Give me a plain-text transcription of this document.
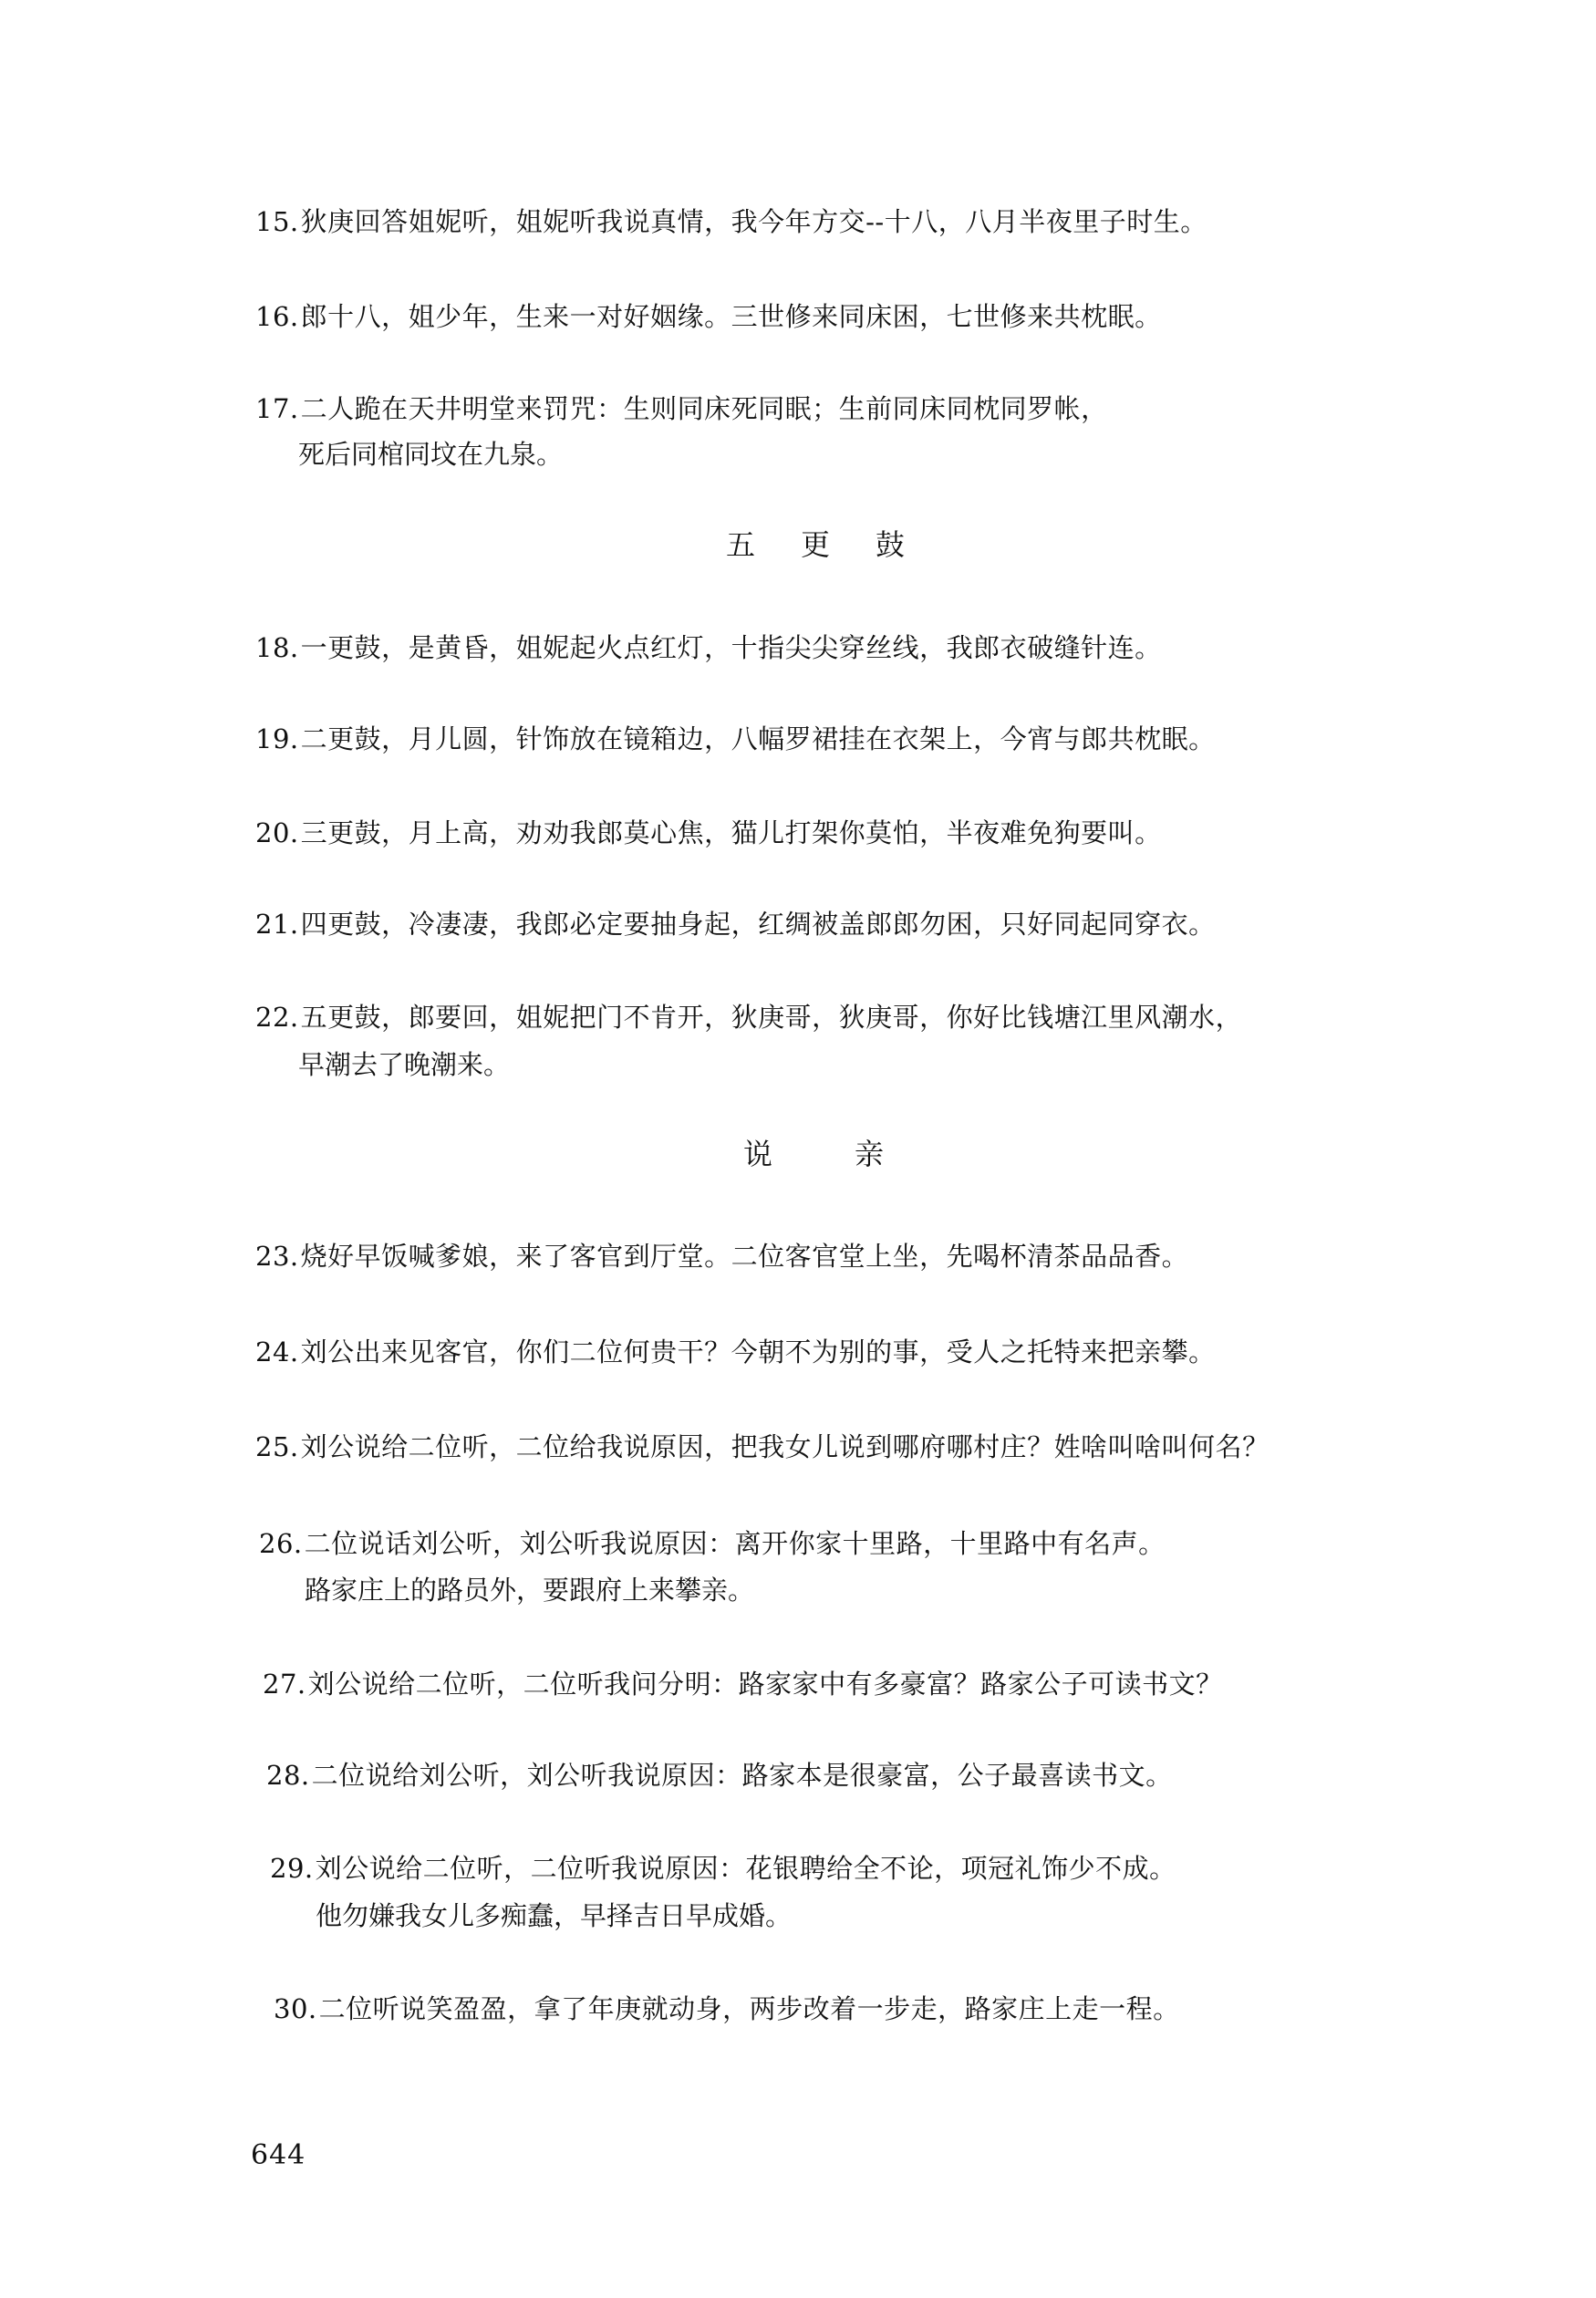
15.狄庚回答姐妮听，姐妮听我说真情，我今年方交--十八，八月半夜里子时生。
16.郎十八，姐少年，生来一对好姻缘。三世修来同床困，七世修来共枕眠。
17.二人跪在天井明堂来罚咒：生则同床死同眠；生前同床同枕同罗帐，
死后同棺同坟在九泉。
五更鼓
18.一更鼓，是黄昏，姐妮起火点红灯，十指尖尖穿丝线，我郎衣破缝针连。
19.二更鼓，月儿圆，针饰放在镜箱边，八幅罗裙挂在衣架上，今宵与郎共枕眠。
20.三更鼓，月上高，劝劝我郎莫心焦，猫儿打架你莫怕，半夜难免狗要叫。
21.四更鼓，冷凄凄，我郎必定要抽身起，红绸被盖郎郎勿困，只好同起同穿衣。
22.五更鼓，郎要回，姐妮把门不肯开，狄庚哥，狄庚哥，你好比钱塘江里风潮水，
早潮去了晚潮来。
说亲
23.烧好早饭喊爹娘，来了客官到厅堂。二位客官堂上坐，先喝杯清茶品品香。
24.刘公出来见客官，你们二位何贵干？今朝不为别的事，受人之托特来把亲攀。
25.刘公说给二位听，二位给我说原因，把我女儿说到哪府哪村庄？姓啥叫啥叫何名？
26.二位说话刘公听，刘公听我说原因：离开你家十里路，十里路中有名声。
路家庄上的路员外，要跟府上来攀亲。
27.刘公说给二位听，二位听我问分明：路家家中有多豪富？路家公子可读书文？
28.二位说给刘公听，刘公听我说原因：路家本是很豪富，公子最喜读书文。
29.刘公说给二位听，二位听我说原因：花银聘给全不论，项冠礼饰少不成。
他勿嫌我女儿多痴蠢，早择吉日早成婚。
30.二位听说笑盈盈，拿了年庚就动身，两步改着一步走，路家庄上走一程。
644
